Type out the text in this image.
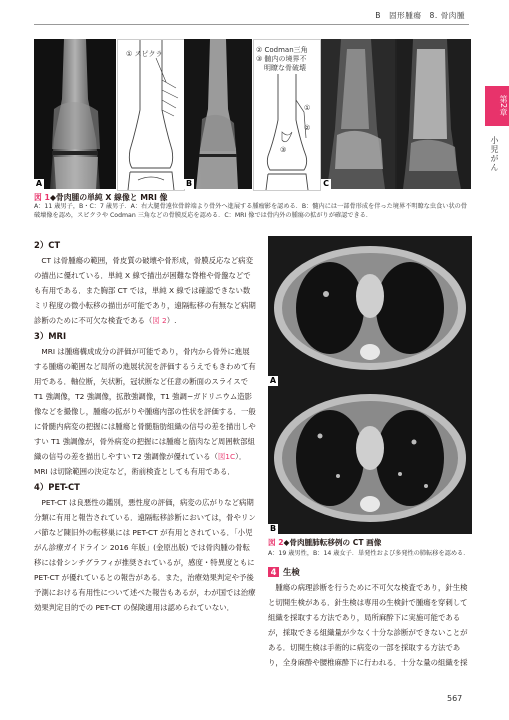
B　固形腫瘍　8. 骨肉腫
第2章
小児がん
A
① スピクラ
B
② Codman三角
③ 髄内の境界不
明瞭な骨破壊
①
②
③
C
図 1◆骨肉腫の単純 X 線像と MRI 像
A：11 歳男子，B・C：7 歳男子．A：右大腿骨遠位骨幹端より骨外へ進展する腫瘤影を認める．B：髄内には一部骨形成を伴った境界不明瞭な虫食い状の骨破壊像を認め，スピクラや Codman 三角などの骨膜反応を認める．C：MRI 像では骨内外の腫瘍の拡がりが確認できる．

2）CT

CT は骨腫瘍の範囲，骨皮質の破壊や骨形成，骨膜反応など病変の描出に優れている．単純 X 線で描出が困難な脊椎や骨盤などでも有用である．また胸部 CT では，単純 X 線では確認できない数ミリ程度の微小転移の描出が可能であり，遠隔転移の有無など病期診断のために不可欠な検査である（図 2）.

3）MRI

MRI は腫瘍構成成分の評価が可能であり，骨内から骨外に進展する腫瘍の範囲など局所の進展状況を評価するうえでもきわめて有用である．軸位断，矢状断，冠状断など任意の断面のスライスで T1 強調像，T2 強調像，拡散強調像，T1 強調−ガドリニウム造影像などを撮像し，腫瘍の拡がりや腫瘍内部の性状を評価する．一般に骨髄内病変の把握には腫瘍と骨髄脂肪組織の信号の差を描出しやすい T1 強調像が，骨外病変の把握には腫瘍と筋肉など周囲軟部組織の信号の差を描出しやすい T2 強調像が優れている（図1C）．MRI は切除範囲の決定など，術前検査としても有用である．

4）PET-CT

PET-CT は良悪性の鑑別，悪性度の評価，病変の広がりなど病期分類に有用と報告されている．遠隔転移診断においては，骨やリンパ節など陳旧外の転移巣には PET-CT が有用とされている．「小児がん診療ガイドライン 2016 年版」(金原出版) では骨肉腫の骨転移には骨シンチグラフィが推奨されているが，感度・特異度ともに PET-CT が優れているとの報告がある．また，治療効果判定や予後予測における有用性について述べた報告もあるが，わが国では治療効果判定目的での PET-CT の保険適用は認められていない．

A
B
図 2◆骨肉腫肺転移例の CT 画像
A：19 歳男性，B：14 歳女子．単発性および多発性の肺転移を認める．
4 生検

腫瘍の病理診断を行うために不可欠な検査であり，針生検と切開生検がある．針生検は専用の生検針で腫瘍を穿刺して組織を採取する方法であり，局所麻酔下に実施可能であるが，採取できる組織量が少なく十分な診断ができないことがある．切開生検は手術的に病変の一部を採取する方法であり，全身麻酔や腰椎麻酔下に行われる．十分な量の組織を採

567
